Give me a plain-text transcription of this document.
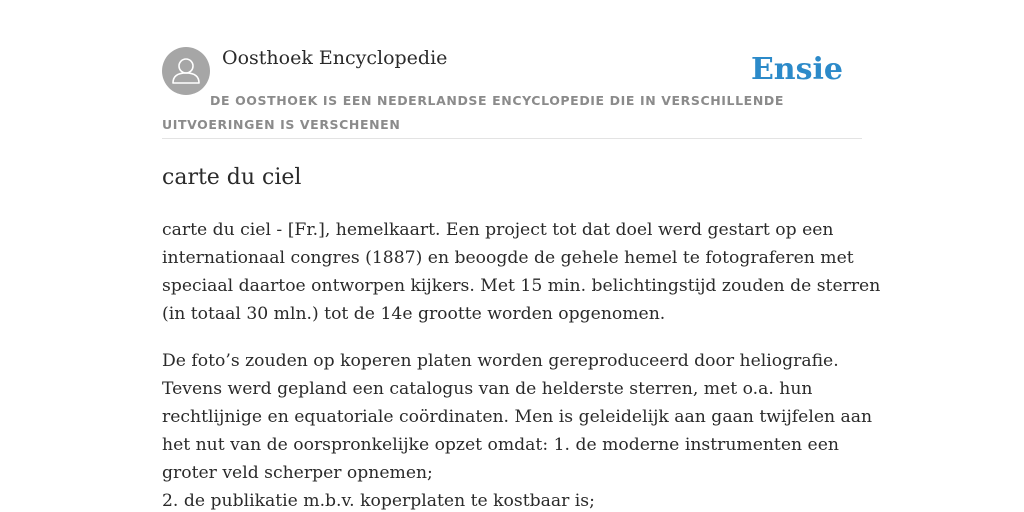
Oosthoek Encyclopedie	Ensie

DE OOSTHOEK IS EEN NEDERLANDSE ENCYCLOPEDIE DIE IN VERSCHILLENDE UITVOERINGEN IS VERSCHENEN

carte du ciel

carte du ciel - [Fr.], hemelkaart. Een project tot dat doel werd gestart op een
internationaal congres (1887) en beoogde de gehele hemel te fotograferen met
speciaal daartoe ontworpen kijkers. Met 15 min. belichtingstijd zouden de sterren
(in totaal 30 mln.) tot de 14e grootte worden opgenomen.

De foto’s zouden op koperen platen worden gereproduceerd door heliografie.
Tevens werd gepland een catalogus van de helderste sterren, met o.a. hun
rechtlijnige en equatoriale coördinaten. Men is geleidelijk aan gaan twijfelen aan
het nut van de oorspronkelijke opzet omdat: 1. de moderne instrumenten een
groter veld scherper opnemen;
2. de publikatie m.b.v. koperplaten te kostbaar is;
